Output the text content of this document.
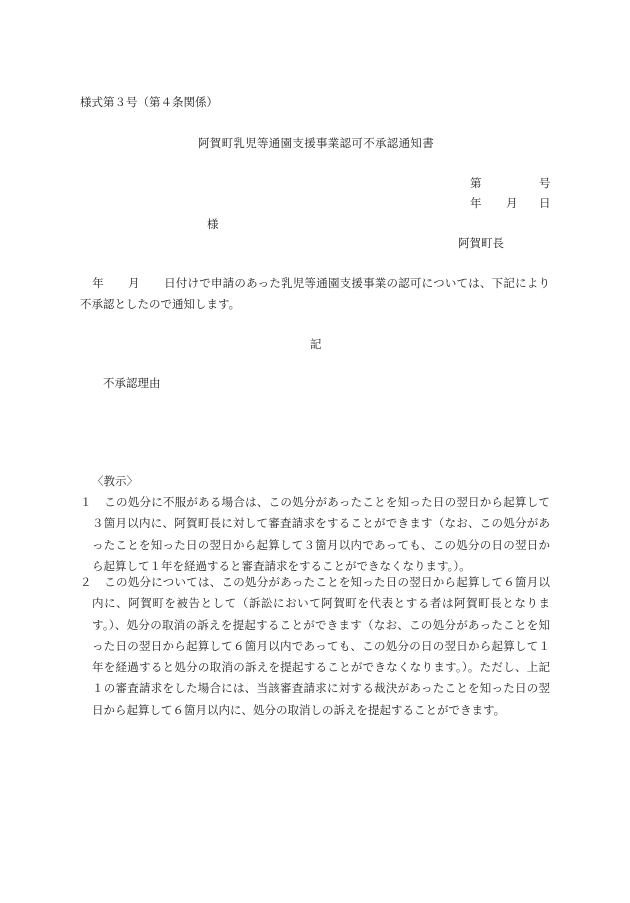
様式第３号（第４条関係）
阿賀町乳児等通園支援事業認可不承認通知書
第	号
年 月 日
様
阿賀町長
年 月 日付けで申請のあった乳児等通園支援事業の認可については、下記により不承認としたので通知します。
記
不承認理由
〈教示〉
１	この処分に不服がある場合は、この処分があったことを知った日の翌日から起算して３箇月以内に、阿賀町長に対して審査請求をすることができます（なお、この処分があったことを知った日の翌日から起算して３箇月以内であっても、この処分の日の翌日から起算して１年を経過すると審査請求をすることができなくなります。）。
２	この処分については、この処分があったことを知った日の翌日から起算して６箇月以内に、阿賀町を被告として（訴訟において阿賀町を代表とする者は阿賀町長となります。）、処分の取消の訴えを提起することができます（なお、この処分があったことを知った日の翌日から起算して６箇月以内であっても、この処分の日の翌日から起算して１年を経過すると処分の取消の訴えを提起することができなくなります。）。ただし、上記１の審査請求をした場合には、当該審査請求に対する裁決があったことを知った日の翌日から起算して６箇月以内に、処分の取消しの訴えを提起することができます。
